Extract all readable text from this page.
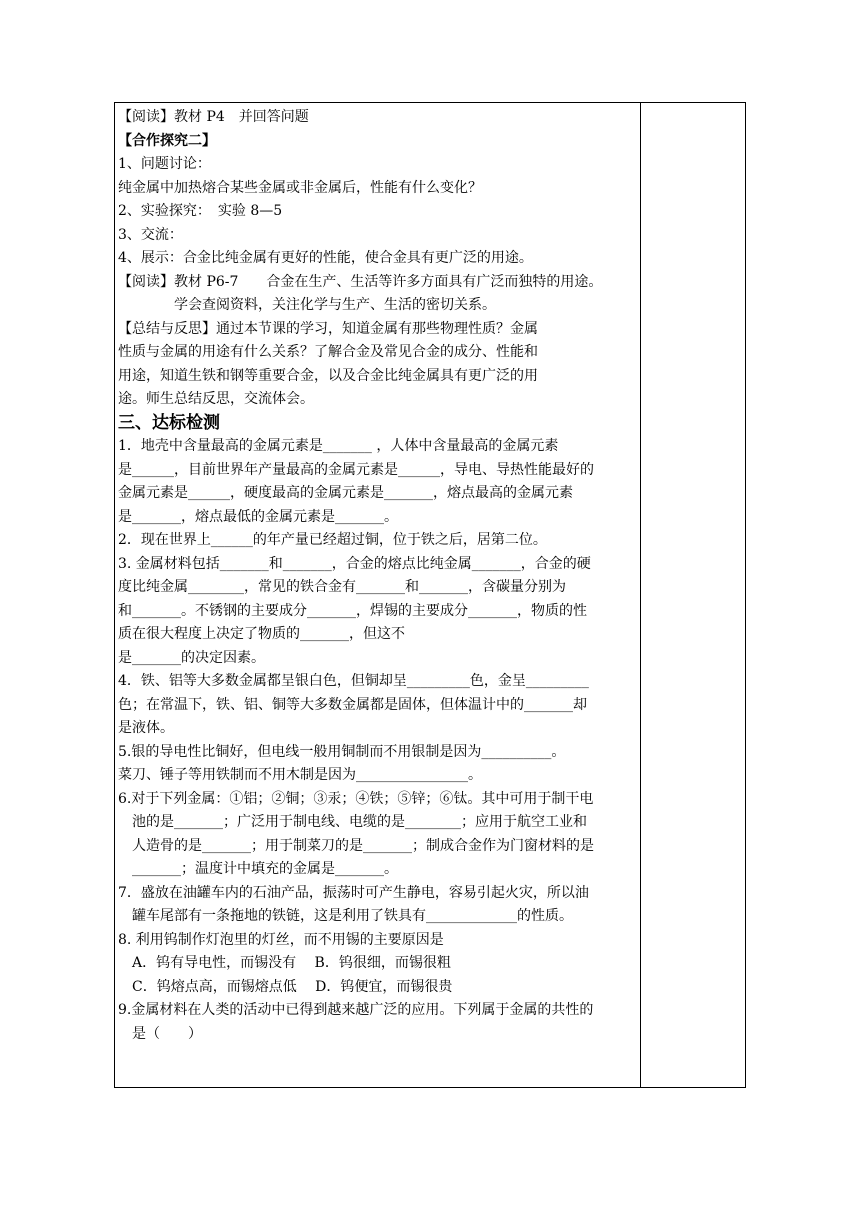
【阅读】教材 P4　并回答问题
【合作探究二】
1、问题讨论：
纯金属中加热熔合某些金属或非金属后，性能有什么变化？
2、实验探究：　实验 8—5
3、交流：
4、展示：合金比纯金属有更好的性能，使合金具有更广泛的用途。
【阅读】教材 P6-7　　合金在生产、生活等许多方面具有广泛而独特的用途。
学会查阅资料，关注化学与生产、生活的密切关系。
【总结与反思】通过本节课的学习，知道金属有那些物理性质？金属
性质与金属的用途有什么关系？了解合金及常见合金的成分、性能和
用途，知道生铁和钢等重要合金，以及合金比纯金属具有更广泛的用
途。师生总结反思，交流体会。
三、达标检测
1．地壳中含量最高的金属元素是_______ ，人体中含量最高的金属元素
是______，目前世界年产量最高的金属元素是______，导电、导热性能最好的
金属元素是______，硬度最高的金属元素是_______，熔点最高的金属元素
是_______，熔点最低的金属元素是_______。
2．现在世界上______的年产量已经超过铜，位于铁之后，居第二位。
3. 金属材料包括_______和_______，合金的熔点比纯金属_______，合金的硬
度比纯金属________，常见的铁合金有_______和_______，含碳量分别为
和_______。不锈钢的主要成分_______，焊锡的主要成分_______，物质的性
质在很大程度上决定了物质的_______，但这不
是_______的决定因素。
4．铁、铝等大多数金属都呈银白色，但铜却呈_________色，金呈_________
色；在常温下，铁、铝、铜等大多数金属都是固体，但体温计中的_______却
是液体。
5.银的导电性比铜好，但电线一般用铜制而不用银制是因为__________。
菜刀、锤子等用铁制而不用木制是因为________________。
6.对于下列金属：①铝；②铜；③汞；④铁；⑤锌；⑥钛。其中可用于制干电
池的是_______；广泛用于制电线、电缆的是________；应用于航空工业和
人造骨的是_______；用于制菜刀的是_______；制成合金作为门窗材料的是
_______；温度计中填充的金属是_______。
7．盛放在油罐车内的石油产品，振荡时可产生静电，容易引起火灾，所以油
罐车尾部有一条拖地的铁链，这是利用了铁具有_____________的性质。
8. 利用钨制作灯泡里的灯丝，而不用锡的主要原因是
A．钨有导电性，而锡没有　 B．钨很细，而锡很粗
C．钨熔点高，而锡熔点低　 D．钨便宜，而锡很贵
9.金属材料在人类的活动中已得到越来越广泛的应用。下列属于金属的共性的
是（　　）
